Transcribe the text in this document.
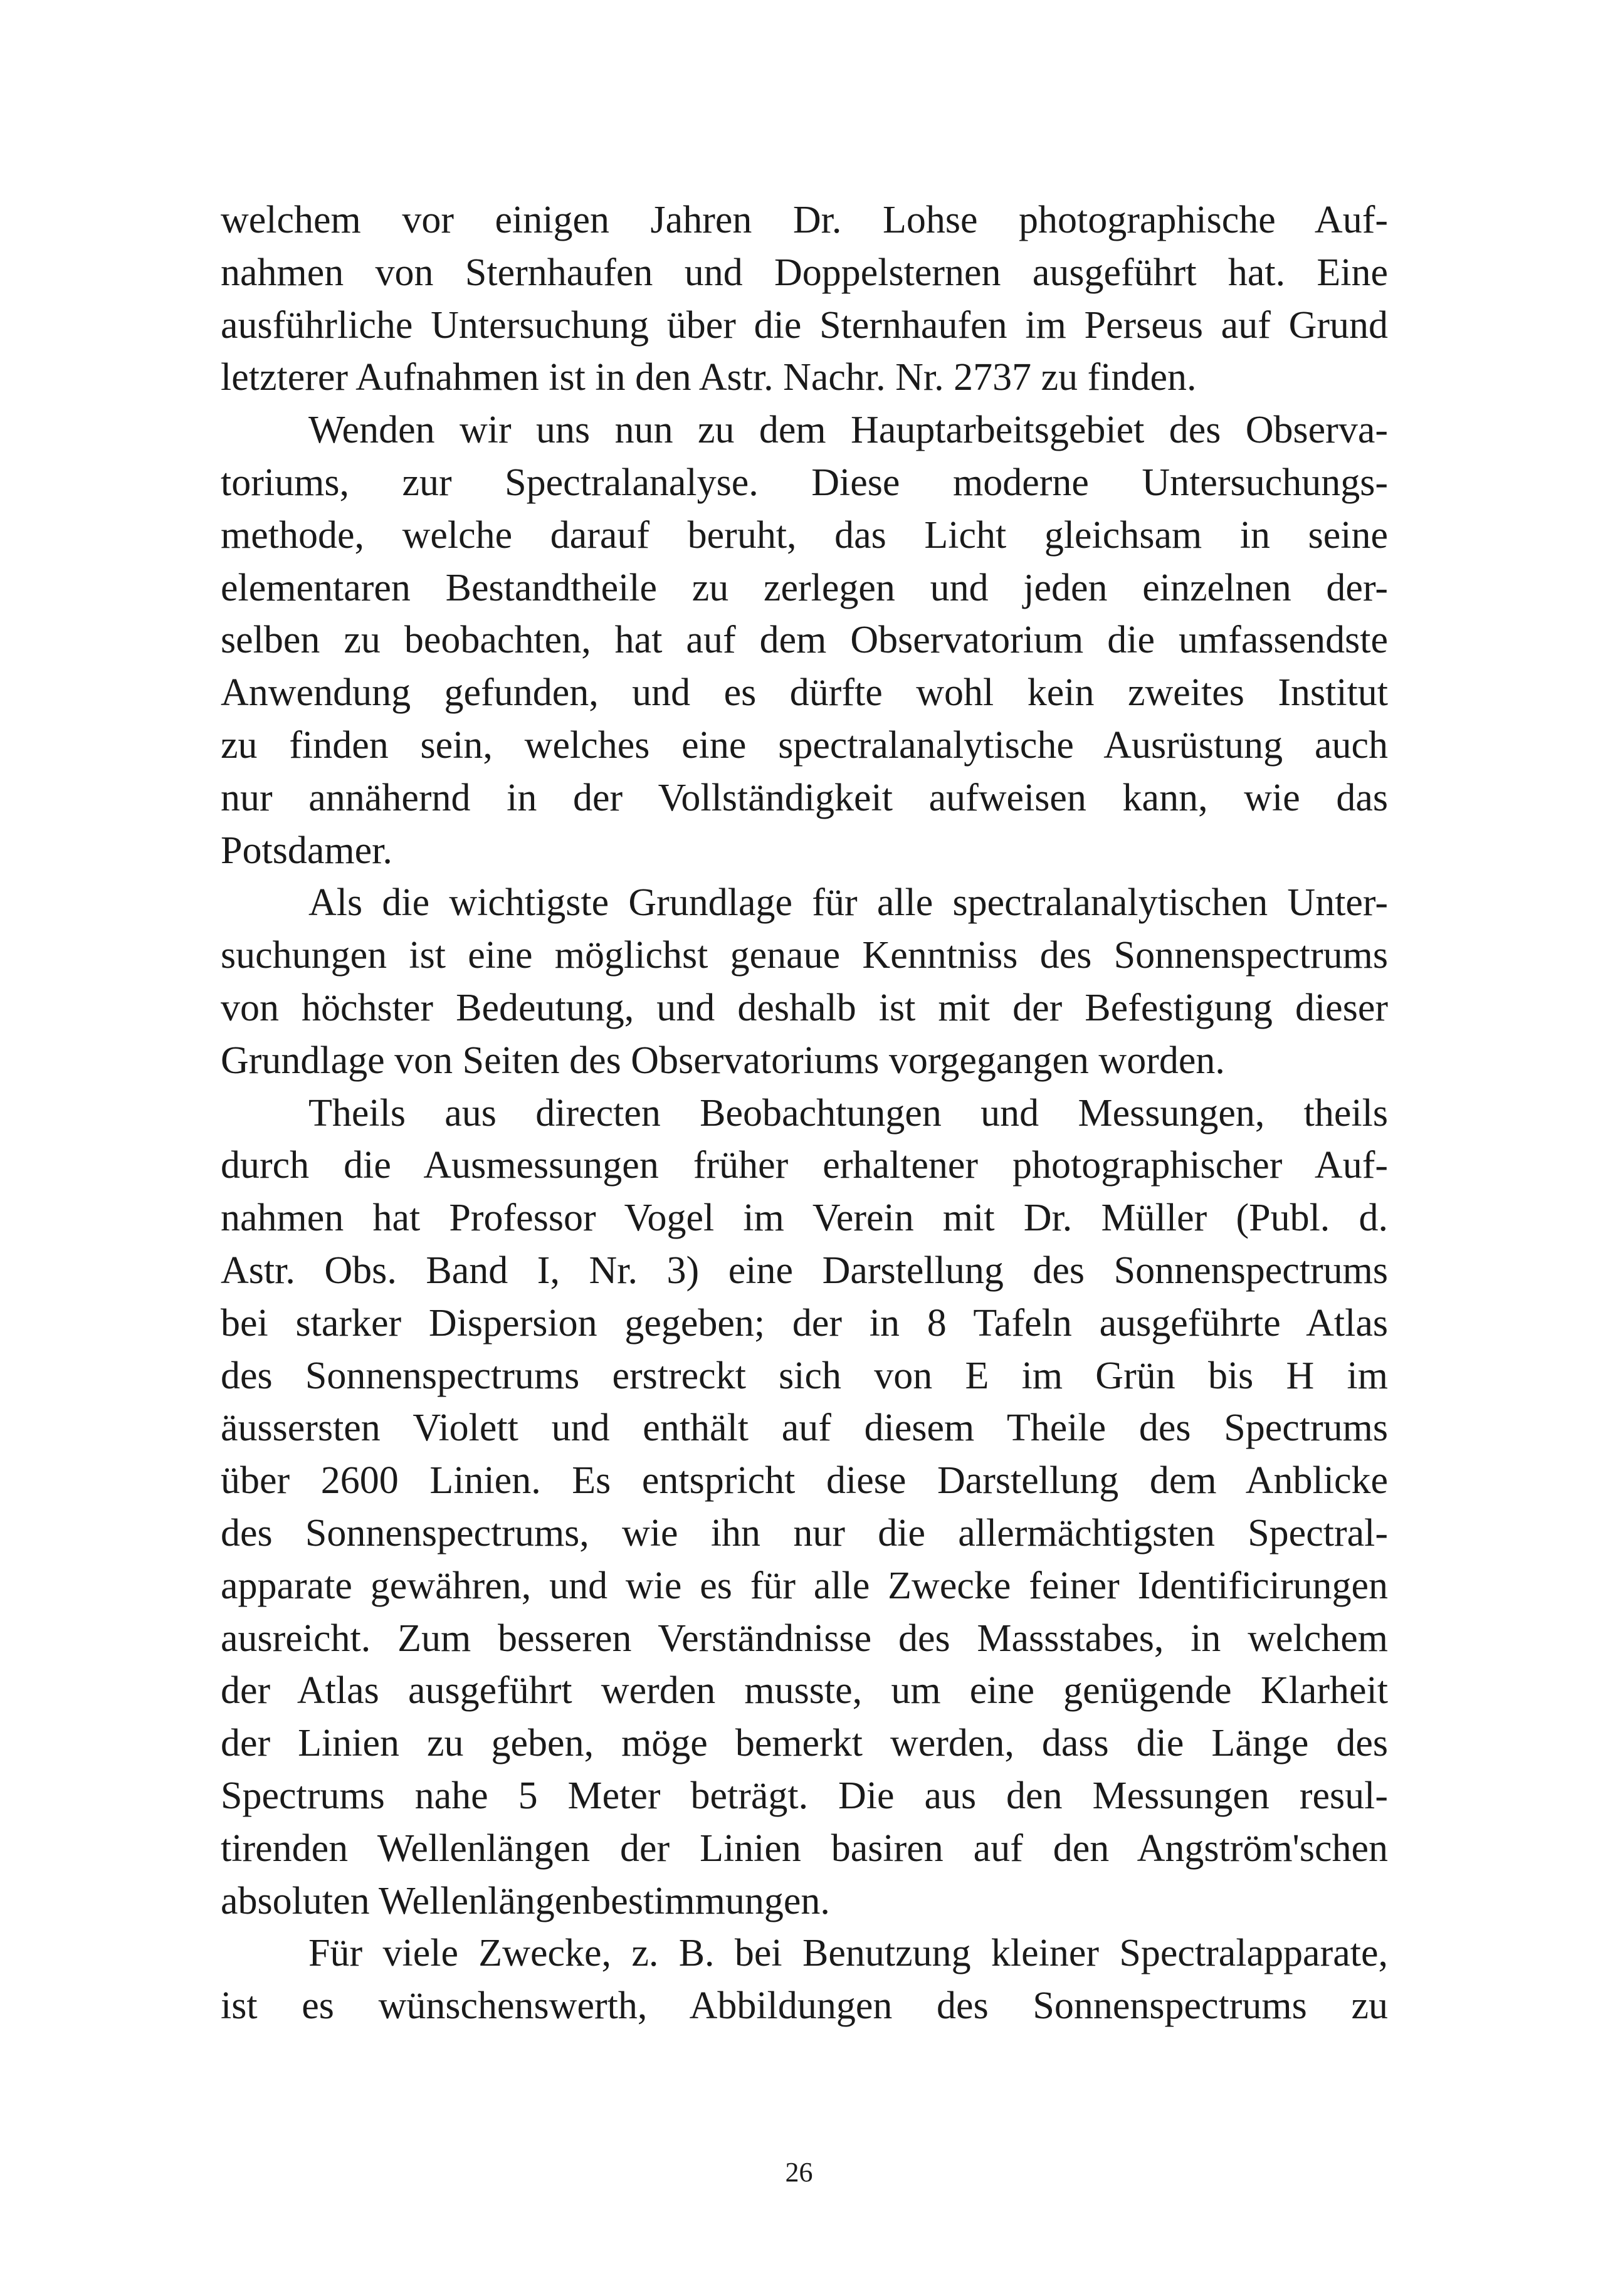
welchem vor einigen Jahren Dr. Lohse photographische Auf-
nahmen von Sternhaufen und Doppelsternen ausgeführt hat. Eine
ausführliche Untersuchung über die Sternhaufen im Perseus auf Grund
letzterer Aufnahmen ist in den Astr. Nachr. Nr. 2737 zu finden.
Wenden wir uns nun zu dem Hauptarbeitsgebiet des Observa-
toriums, zur Spectralanalyse. Diese moderne Untersuchungs-
methode, welche darauf beruht, das Licht gleichsam in seine
elementaren Bestandtheile zu zerlegen und jeden einzelnen der-
selben zu beobachten, hat auf dem Observatorium die umfassendste
Anwendung gefunden, und es dürfte wohl kein zweites Institut
zu finden sein, welches eine spectralanalytische Ausrüstung auch
nur annähernd in der Vollständigkeit aufweisen kann, wie das
Potsdamer.
Als die wichtigste Grundlage für alle spectralanalytischen Unter-
suchungen ist eine möglichst genaue Kenntniss des Sonnenspectrums
von höchster Bedeutung, und deshalb ist mit der Befestigung dieser
Grundlage von Seiten des Observatoriums vorgegangen worden.
Theils aus directen Beobachtungen und Messungen, theils
durch die Ausmessungen früher erhaltener photographischer Auf-
nahmen hat Professor Vogel im Verein mit Dr. Müller (Publ. d.
Astr. Obs. Band I, Nr. 3) eine Darstellung des Sonnenspectrums
bei starker Dispersion gegeben; der in 8 Tafeln ausgeführte Atlas
des Sonnenspectrums erstreckt sich von E im Grün bis H im
äussersten Violett und enthält auf diesem Theile des Spectrums
über 2600 Linien. Es entspricht diese Darstellung dem Anblicke
des Sonnenspectrums, wie ihn nur die allermächtigsten Spectral-
apparate gewähren, und wie es für alle Zwecke feiner Identificirungen
ausreicht. Zum besseren Verständnisse des Massstabes, in welchem
der Atlas ausgeführt werden musste, um eine genügende Klarheit
der Linien zu geben, möge bemerkt werden, dass die Länge des
Spectrums nahe 5 Meter beträgt. Die aus den Messungen resul-
tirenden Wellenlängen der Linien basiren auf den Angström'schen
absoluten Wellenlängenbestimmungen.
Für viele Zwecke, z. B. bei Benutzung kleiner Spectralapparate,
ist es wünschenswerth, Abbildungen des Sonnenspectrums zu
26
